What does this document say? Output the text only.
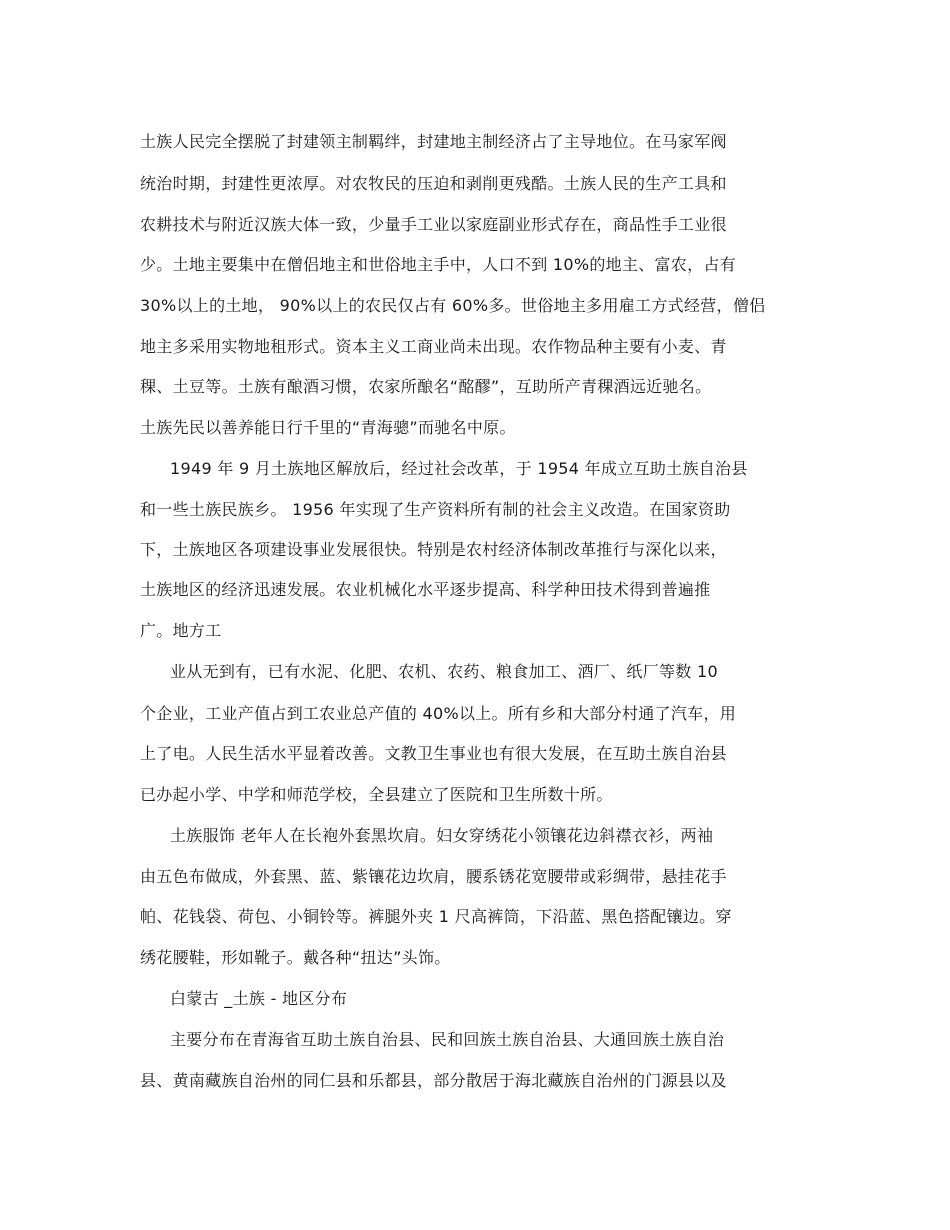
土族人民完全摆脱了封建领主制羁绊，封建地主制经济占了主导地位。在马家军阀
统治时期，封建性更浓厚。对农牧民的压迫和剥削更残酷。土族人民的生产工具和
农耕技术与附近汉族大体一致，少量手工业以家庭副业形式存在，商品性手工业很
少。土地主要集中在僧侣地主和世俗地主手中，人口不到 10%的地主、富农，占有
30%以上的土地， 90%以上的农民仅占有 60%多。世俗地主多用雇工方式经营，僧侣
地主多采用实物地租形式。资本主义工商业尚未出现。农作物品种主要有小麦、青
稞、土豆等。土族有酿酒习惯，农家所酿名“酩醪”，互助所产青稞酒远近驰名。
土族先民以善养能日行千里的“青海骢”而驰名中原。
1949 年 9 月土族地区解放后，经过社会改革，于 1954 年成立互助土族自治县
和一些土族民族乡。 1956 年实现了生产资料所有制的社会主义改造。在国家资助
下，土族地区各项建设事业发展很快。特别是农村经济体制改革推行与深化以来，
土族地区的经济迅速发展。农业机械化水平逐步提高、科学种田技术得到普遍推
广。地方工
业从无到有，已有水泥、化肥、农机、农药、粮食加工、酒厂、纸厂等数 10
个企业，工业产值占到工农业总产值的 40%以上。所有乡和大部分村通了汽车，用
上了电。人民生活水平显着改善。文教卫生事业也有很大发展，在互助土族自治县
已办起小学、中学和师范学校，全县建立了医院和卫生所数十所。
土族服饰 老年人在长袍外套黑坎肩。妇女穿绣花小领镶花边斜襟衣衫，两袖
由五色布做成，外套黑、蓝、紫镶花边坎肩，腰系锈花宽腰带或彩绸带，悬挂花手
帕、花钱袋、荷包、小铜铃等。裤腿外夹 1 尺高裤筒，下沿蓝、黑色搭配镶边。穿
绣花腰鞋，形如靴子。戴各种“扭达”头饰。
白蒙古 _土族 - 地区分布
主要分布在青海省互助土族自治县、民和回族土族自治县、大通回族土族自治
县、黄南藏族自治州的同仁县和乐都县，部分散居于海北藏族自治州的门源县以及
